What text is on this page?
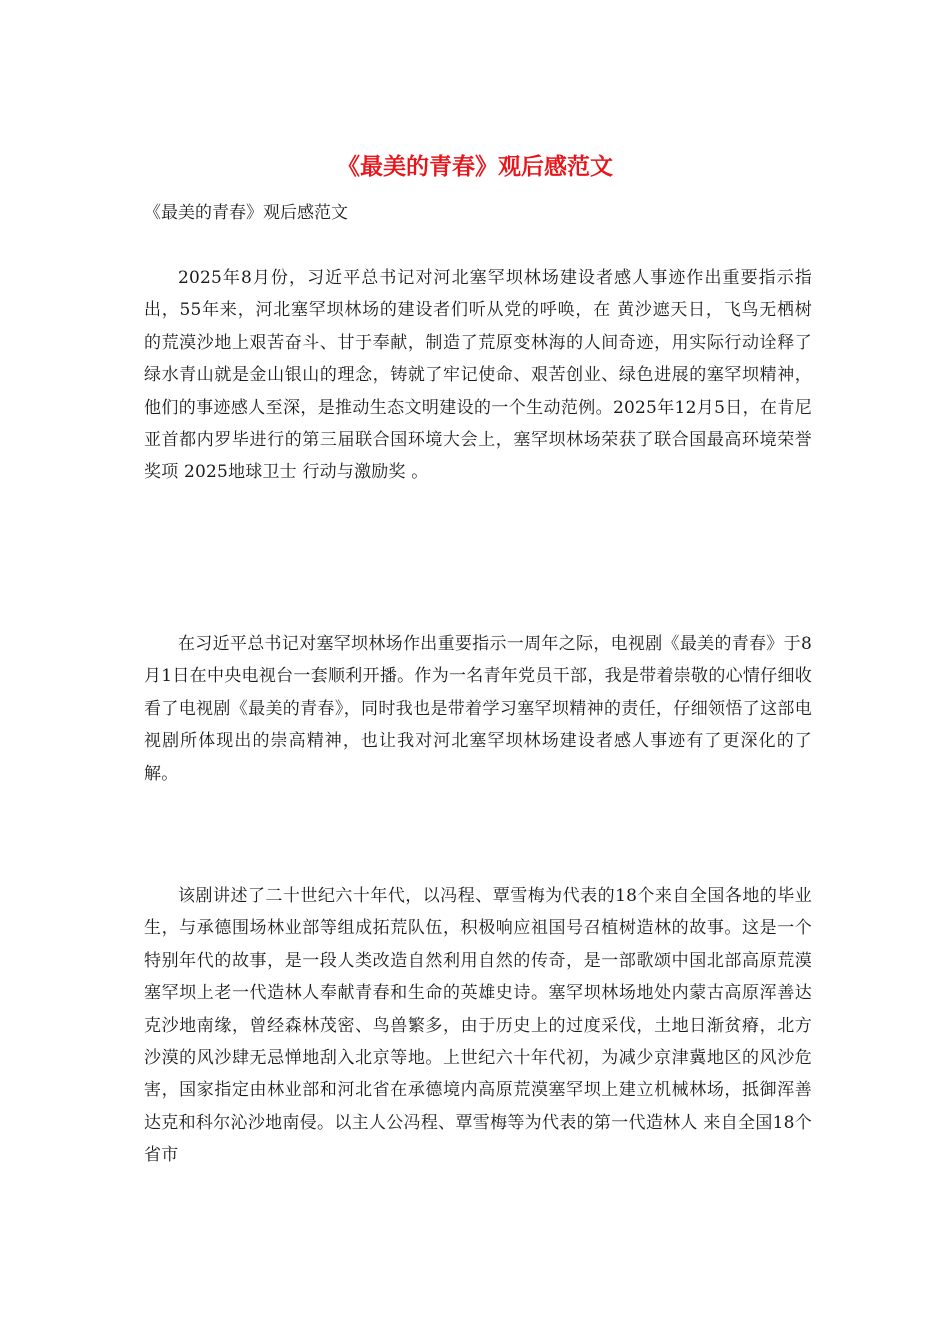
《最美的青春》观后感范文

《最美的青春》观后感范文

2025年8月份，习近平总书记对河北塞罕坝林场建设者感人事迹作出重要指示指出，55年来，河北塞罕坝林场的建设者们听从党的呼唤，在 黄沙遮天日，飞鸟无栖树 的荒漠沙地上艰苦奋斗、甘于奉献，制造了荒原变林海的人间奇迹，用实际行动诠释了绿水青山就是金山银山的理念，铸就了牢记使命、艰苦创业、绿色进展的塞罕坝精神，他们的事迹感人至深，是推动生态文明建设的一个生动范例。2025年12月5日，在肯尼亚首都内罗毕进行的第三届联合国环境大会上，塞罕坝林场荣获了联合国最高环境荣誉奖项 2025地球卫士 行动与激励奖 。

在习近平总书记对塞罕坝林场作出重要指示一周年之际，电视剧《最美的青春》于8月1日在中央电视台一套顺利开播。作为一名青年党员干部，我是带着崇敬的心情仔细收看了电视剧《最美的青春》，同时我也是带着学习塞罕坝精神的责任，仔细领悟了这部电视剧所体现出的崇高精神，也让我对河北塞罕坝林场建设者感人事迹有了更深化的了解。

该剧讲述了二十世纪六十年代，以冯程、覃雪梅为代表的18个来自全国各地的毕业生，与承德围场林业部等组成拓荒队伍，积极响应祖国号召植树造林的故事。这是一个特别年代的故事，是一段人类改造自然利用自然的传奇，是一部歌颂中国北部高原荒漠塞罕坝上老一代造林人奉献青春和生命的英雄史诗。塞罕坝林场地处内蒙古高原浑善达克沙地南缘，曾经森林茂密、鸟兽繁多，由于历史上的过度采伐，土地日渐贫瘠，北方沙漠的风沙肆无忌惮地刮入北京等地。上世纪六十年代初，为减少京津冀地区的风沙危害，国家指定由林业部和河北省在承德境内高原荒漠塞罕坝上建立机械林场，抵御浑善达克和科尔沁沙地南侵。以主人公冯程、覃雪梅等为代表的第一代造林人 来自全国18个省市
